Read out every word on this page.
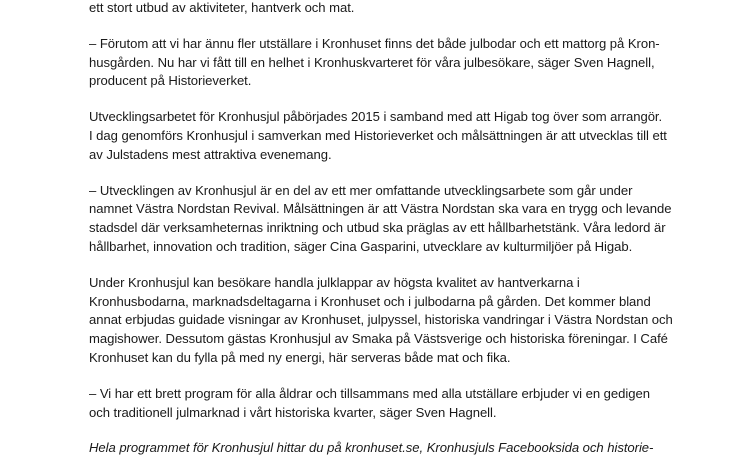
ett stort utbud av aktiviteter, hantverk och mat.

– Förutom att vi har ännu fler utställare i Kronhuset finns det både julbodar och ett mattorg på Kron-
husgården. Nu har vi fått till en helhet i Kronhuskvarteret för våra julbesökare, säger Sven Hagnell,
producent på Historieverket.

Utvecklingsarbetet för Kronhusjul påbörjades 2015 i samband med att Higab tog över som arrangör.
I dag genomförs Kronhusjul i samverkan med Historieverket och målsättningen är att utvecklas till ett
av Julstadens mest attraktiva evenemang.

– Utvecklingen av Kronhusjul är en del av ett mer omfattande utvecklingsarbete som går under
namnet Västra Nordstan Revival. Målsättningen är att Västra Nordstan ska vara en trygg och levande
stadsdel där verksamheternas inriktning och utbud ska präglas av ett hållbarhetstänk. Våra ledord är
hållbarhet, innovation och tradition, säger Cina Gasparini, utvecklare av kulturmiljöer på Higab.

Under Kronhusjul kan besökare handla julklappar av högsta kvalitet av hantverkarna i
Kronhusbodarna, marknadsdeltagarna i Kronhuset och i julbodarna på gården. Det kommer bland
annat erbjudas guidade visningar av Kronhuset, julpyssel, historiska vandringar i Västra Nordstan och
magishower. Dessutom gästas Kronhusjul av Smaka på Västsverige och historiska föreningar. I Café
Kronhuset kan du fylla på med ny energi, här serveras både mat och fika.

– Vi har ett brett program för alla åldrar och tillsammans med alla utställare erbjuder vi en gedigen
och traditionell julmarknad i vårt historiska kvarter, säger Sven Hagnell.

Hela programmet för Kronhusjul hittar du på kronhuset.se, Kronhusjuls Facebooksida och historie-
